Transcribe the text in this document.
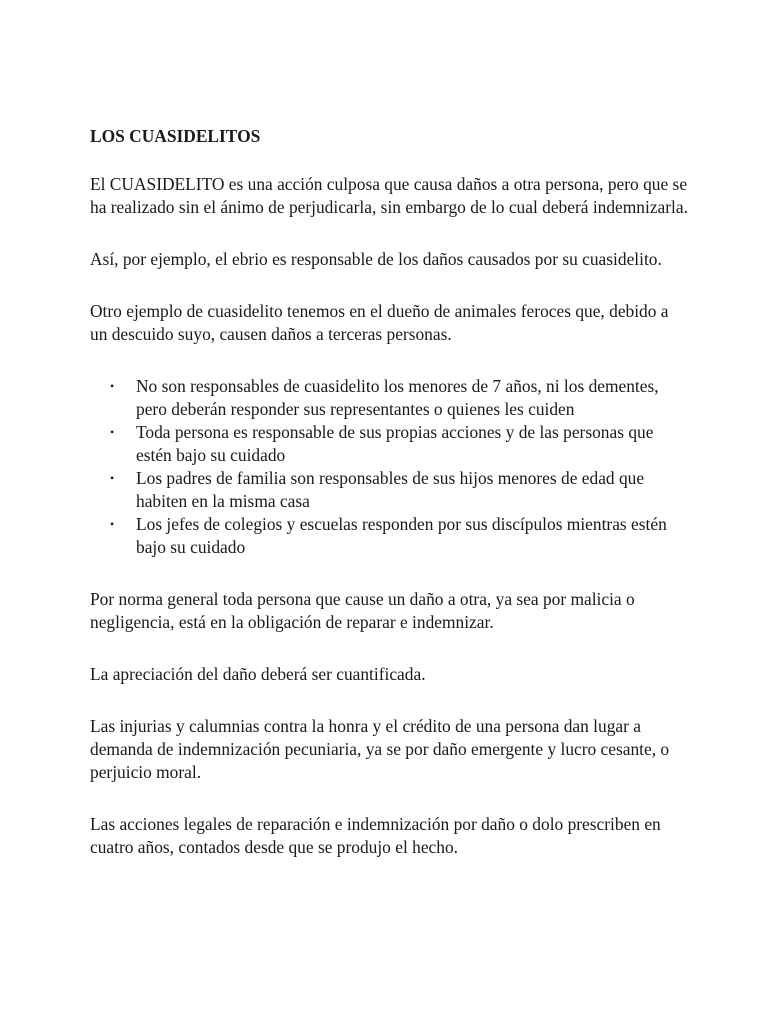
LOS CUASIDELITOS

El CUASIDELITO es una acción culposa que causa daños a otra persona, pero que se ha realizado sin el ánimo de perjudicarla, sin embargo de lo cual deberá indemnizarla.

Así, por ejemplo, el ebrio es responsable de los daños causados por su cuasidelito.

Otro ejemplo de cuasidelito tenemos en el dueño de animales feroces que, debido a un descuido suyo, causen daños a terceras personas.

• No son responsables de cuasidelito los menores de 7 años, ni los dementes, pero deberán responder sus representantes o quienes les cuiden
• Toda persona es responsable de sus propias acciones y de las personas que estén bajo su cuidado
• Los padres de familia son responsables de sus hijos menores de edad que habiten en la misma casa
• Los jefes de colegios y escuelas responden por sus discípulos mientras estén bajo su cuidado

Por norma general toda persona que cause un daño a otra, ya sea por malicia o negligencia, está en la obligación de reparar e indemnizar.

La apreciación del daño deberá ser cuantificada.

Las injurias y calumnias contra la honra y el crédito de una persona dan lugar a demanda de indemnización pecuniaria, ya se por daño emergente y lucro cesante, o perjuicio moral.

Las acciones legales de reparación e indemnización por daño o dolo prescriben en cuatro años, contados desde que se produjo el hecho.
